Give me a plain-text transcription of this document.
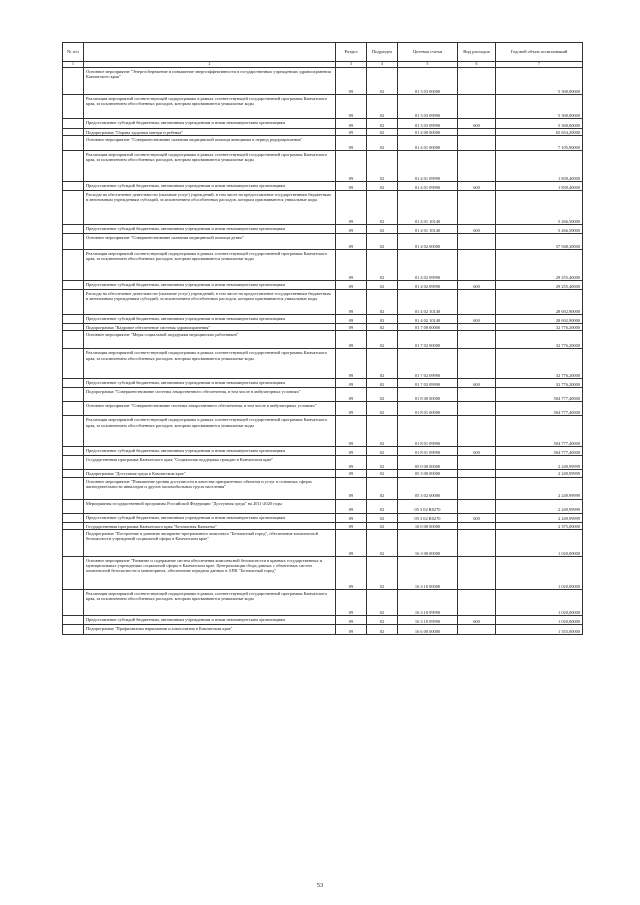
№ п/п		Раздел	Подраздел	Целевая статья	Вид расходов	Годовой объем ассигнований
1	2	3	4	5	6	7
	Основное мероприятие "Энергосбережение и повышение энергоэффективности в государственных учреждениях здравоохранения Камчатского края"	09	02	01 3 03 00000		5 300,00000
	Реализация мероприятий соответствующей подпрограммы в рамках соответствующей государственной программы Камчатского края, за исключением обособленных расходов, которым присваиваются уникальные коды	09	02	01 3 03 09990		5 300,00000
	Предоставление субсидий бюджетным, автономным учреждениям и иным некоммерческим организациям	09	02	01 3 03 09990	600	5 300,00000
	Подпрограмма "Охрана здоровья матери и ребенка"	09	02	01 4 00 00000		65 654,20000
	Основное мероприятие "Совершенствование оказания медицинской помощи женщинам в период родоразрешения"	09	02	01 4 01 00000		7 105,90000
	Реализация мероприятий соответствующей подпрограммы в рамках соответствующей государственной программы Камчатского края, за исключением обособленных расходов, которым присваиваются уникальные коды	09	02	01 4 01 09990		1 839,40000
	Предоставление субсидий бюджетным, автономным учреждениям и иным некоммерческим организациям	09	02	01 4 01 09990	600	1 839,40000
	Расходы на обеспечение деятельности (оказание услуг) учреждений, в том числе на предоставление государственным бюджетным и автономным учреждениям субсидий, за исключением обособленных расходов, которым присваиваются уникальные коды	09	02	01 4 01 10140		5 266,50000
	Предоставление субсидий бюджетным, автономным учреждениям и иным некоммерческим организациям	09	02	01 4 01 10140	600	5 266,50000
	Основное мероприятие "Совершенствование оказания медицинской помощи детям"	09	02	01 4 02 00000		57 948,30000
	Реализация мероприятий соответствующей подпрограммы в рамках соответствующей государственной программы Камчатского края, за исключением обособленных расходов, которым присваиваются уникальные коды	09	02	01 4 02 09990		29 255,40000
	Предоставление субсидий бюджетным, автономным учреждениям и иным некоммерческим организациям	09	02	01 4 02 09990	600	29 255,40000
	Расходы на обеспечение деятельности (оказание услуг) учреждений, в том числе на предоставление государственным бюджетным и автономным учреждениям субсидий, за исключением обособленных расходов, которым присваиваются уникальные коды	09	02	01 4 02 10140		28 692,90000
	Предоставление субсидий бюджетным, автономным учреждениям и иным некоммерческим организациям	09	02	01 4 02 10140	600	28 692,90000
	Подпрограмма "Кадровое обеспечение системы здравоохранения"	09	02	01 7 00 00000		32 776,20000
	Основное мероприятие "Меры социальной поддержки медицинских работников"	09	02	01 7 02 00000		32 776,20000
	Реализация мероприятий соответствующей подпрограммы в рамках соответствующей государственной программы Камчатского края, за исключением обособленных расходов, которым присваиваются уникальные коды	09	02	01 7 02 09990		32 776,20000
	Предоставление субсидий бюджетным, автономным учреждениям и иным некоммерческим организациям	09	02	01 7 02 09990	600	32 776,20000
	Подпрограмма "Совершенствование системы лекарственного обеспечения, в том числе в амбулаторных условиях"	09	02	01 8 00 00000		504 777,40000
	Основное мероприятие "Совершенствование системы лекарственного обеспечения, в том числе в амбулаторных условиях"	09	02	01 8 01 00000		504 777,40000
	Реализация мероприятий соответствующей подпрограммы в рамках соответствующей государственной программы Камчатского края, за исключением обособленных расходов, которым присваиваются уникальные коды	09	02	01 8 01 09990		504 777,40000
	Предоставление субсидий бюджетным, автономным учреждениям и иным некоммерческим организациям	09	02	01 8 01 09990	600	504 777,40000
	Государственная программа Камчатского края "Социальная поддержка граждан в Камчатском крае"	09	02	05 0 00 00000		2 249,99999
	Подпрограмма "Доступная среда в Камчатском крае"	09	02	05 3 00 00000		2 249,99999
	Основное мероприятие "Повышение уровня доступности и качества приоритетных объектов и услуг в основных сферах жизнедеятельности инвалидов и других маломобильных групп населения"	09	02	05 3 02 00000		2 249,99999
	Мероприятия государственной программы Российской Федерации "Доступная среда" на 2011-2020 годы	09	02	05 3 02 R0270		2 249,99999
	Предоставление субсидий бюджетным, автономным учреждениям и иным некоммерческим организациям	09	02	05 3 02 R0270	600	2 249,99999
	Государственная программа Камчатского края "Безопасная Камчатка"	09	02	16 0 00 00000		2 375,00000
	Подпрограмма "Построение и развитие аппаратно-программного комплекса "Безопасный город", обеспечение комплексной безопасности учреждений социальной сферы в Камчатском крае"	09	02	16 3 00 00000		1 020,00000
	Основное мероприятие "Развитие и содержание систем обеспечения комплексной безопасности в краевых государственных и муниципальных учреждениях социальной сферы в Камчатском крае. Централизация сбора данных с объектовых систем комплексной безопасности и мониторинга, обеспечение передачи данных в АПК "Безопасный город"	09	02	16 3 10 00000		1 020,00000
	Реализация мероприятий соответствующей подпрограммы в рамках соответствующей государственной программы Камчатского края, за исключением обособленных расходов, которым присваиваются уникальные коды	09	02	16 3 10 09990		1 020,00000
	Предоставление субсидий бюджетным, автономным учреждениям и иным некоммерческим организациям	09	02	16 3 10 09990	600	1 020,00000
	Подпрограмма "Профилактика наркомании и алкоголизма в Камчатском крае"	09	02	16 6 00 00000		1 355,00000
53
